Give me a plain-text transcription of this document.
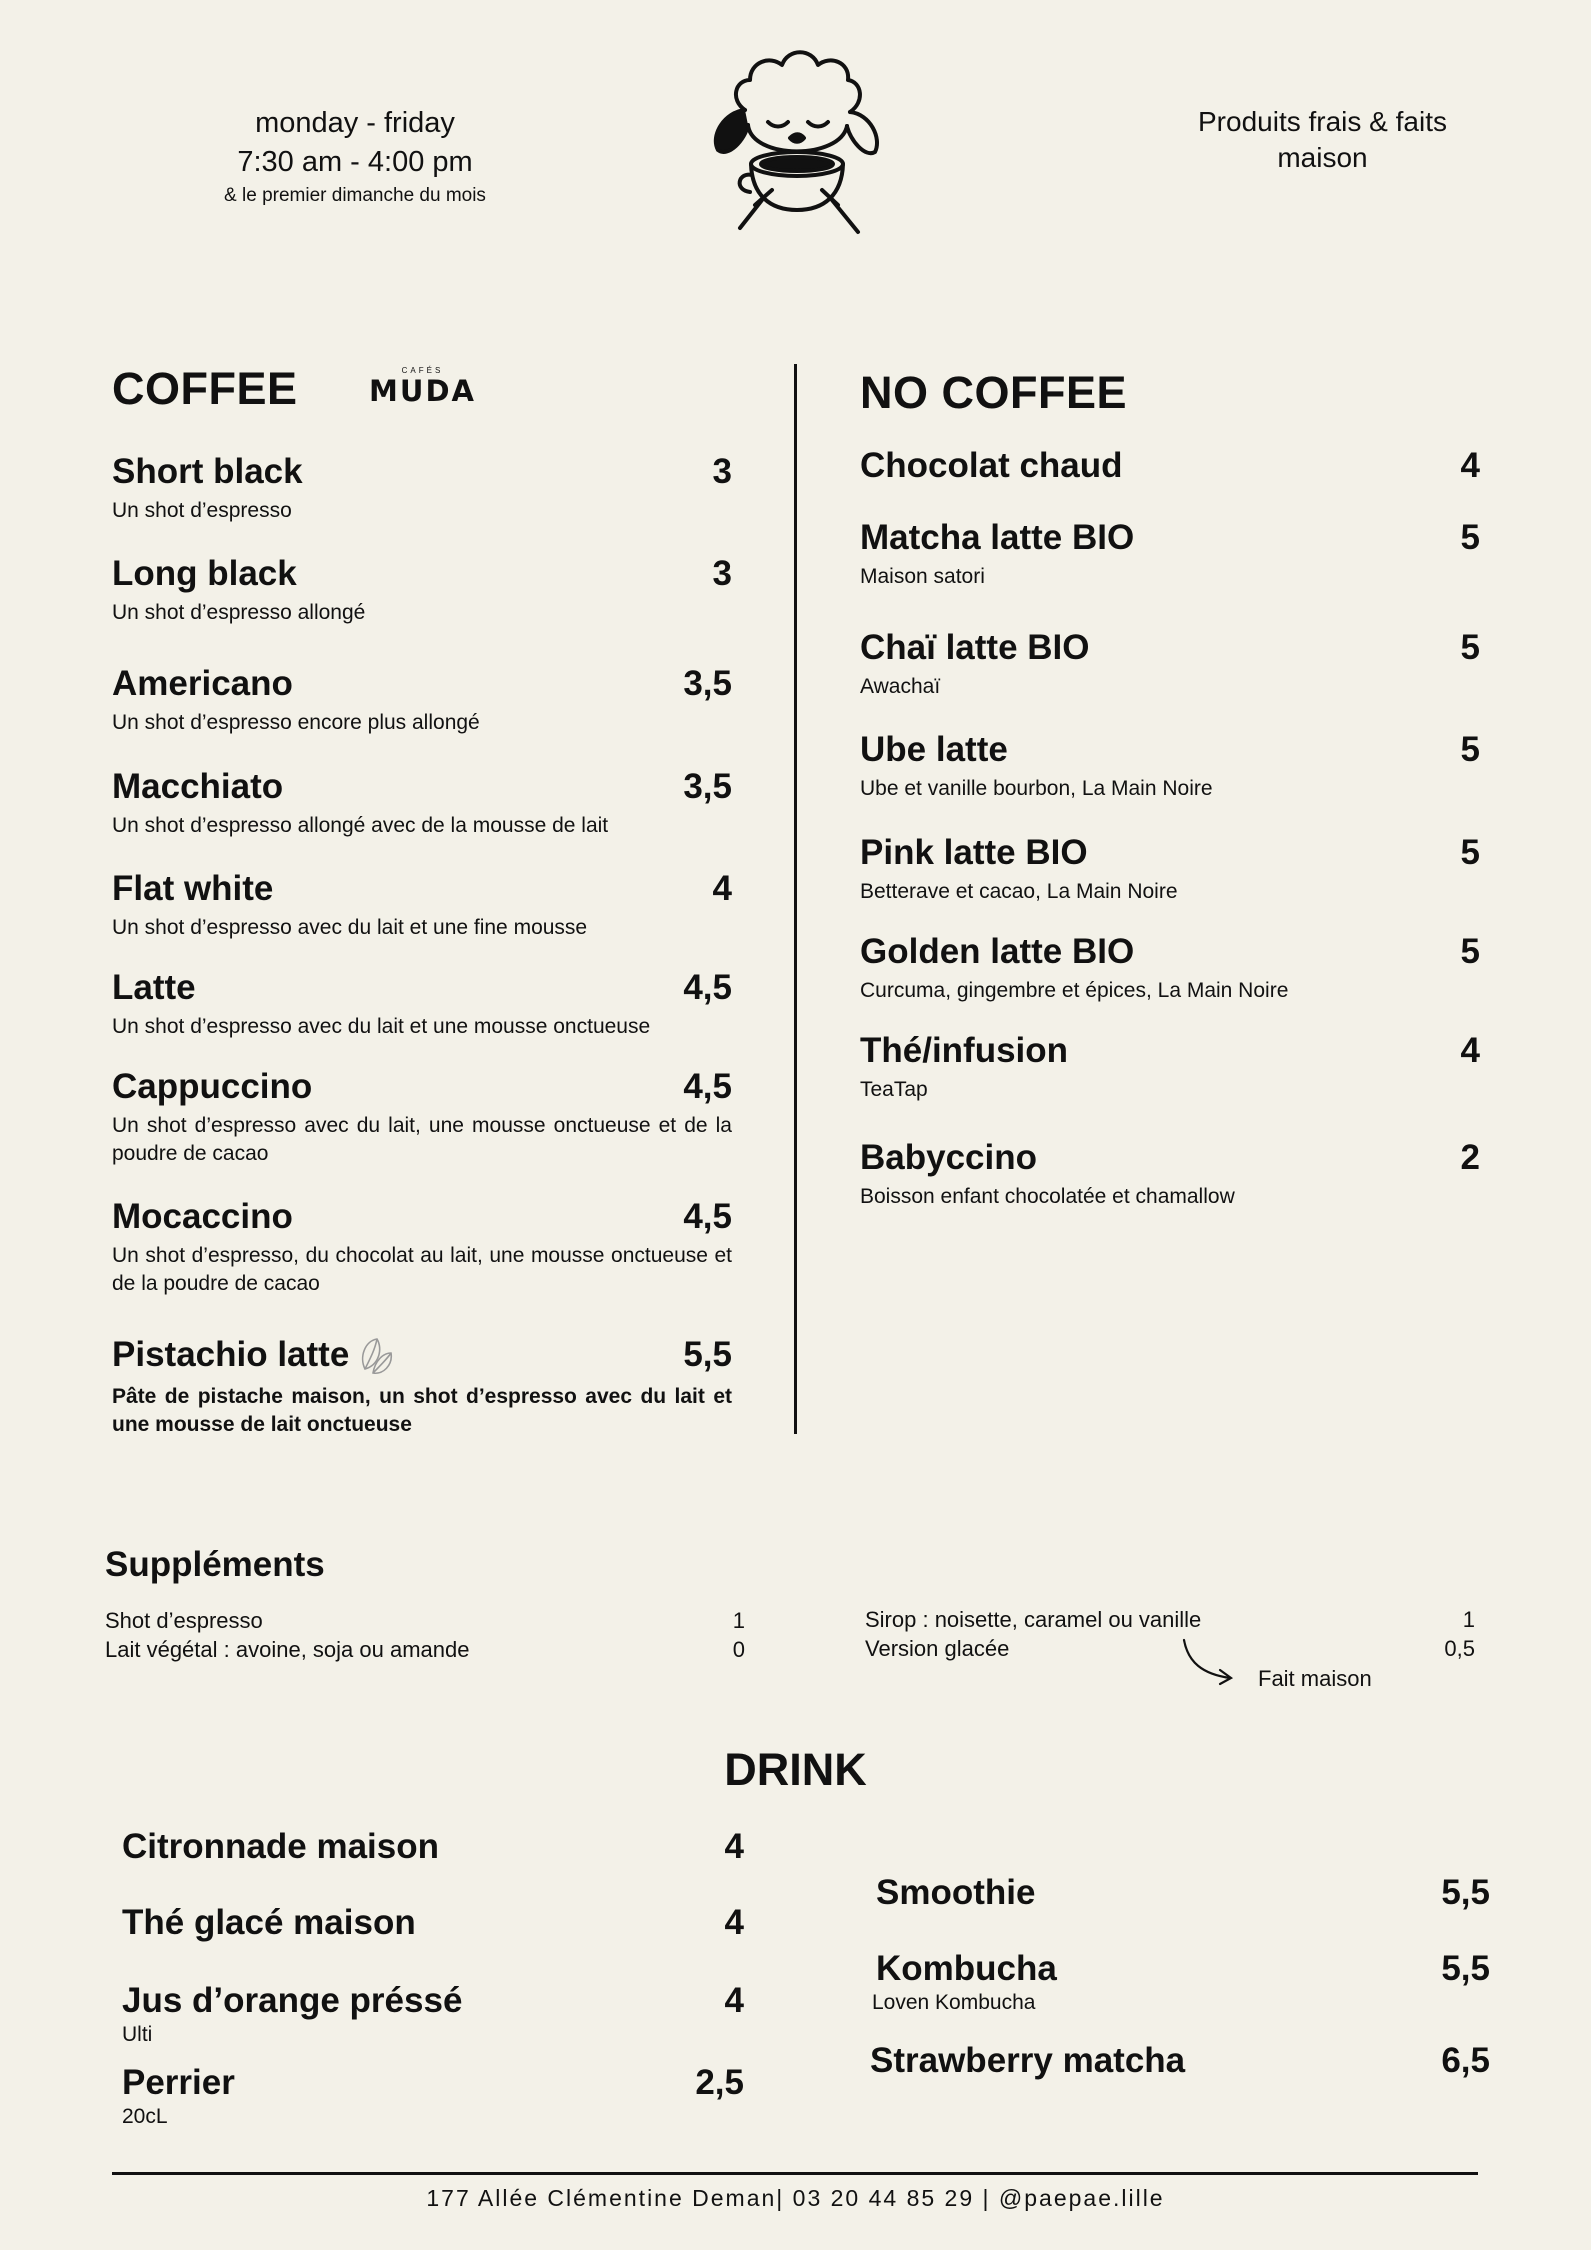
monday - friday
7:30 am - 4:00 pm
& le premier dimanche du mois
Produits frais & faits maison
COFFEE	CAFÉS
MUDA
Short black	3
Un shot d’espresso
Long black	3
Un shot d’espresso allongé
Americano	3,5
Un shot d’espresso encore plus allongé
Macchiato	3,5
Un shot d’espresso allongé avec de la mousse de lait
Flat white	4
Un shot d’espresso avec du lait et une fine mousse
Latte	4,5
Un shot d’espresso avec du lait et une mousse onctueuse
Cappuccino	4,5
Un shot d’espresso avec du lait, une mousse onctueuse et de la poudre de cacao
Mocaccino	4,5
Un shot d’espresso, du chocolat au lait, une mousse onctueuse et de la poudre de cacao
Pistachio latte	5,5
Pâte de pistache maison, un shot d’espresso avec du lait et une mousse de lait onctueuse
NO COFFEE
Chocolat chaud	4
Matcha latte BIO	5
Maison satori
Chaï latte BIO	5
Awachaï
Ube latte	5
Ube et vanille bourbon, La Main Noire
Pink latte BIO	5
Betterave et cacao, La Main Noire
Golden latte BIO	5
Curcuma, gingembre et épices, La Main Noire
Thé/infusion	4
TeaTap
Babyccino	2
Boisson enfant chocolatée et chamallow
Suppléments
Shot d’espresso	1
Lait végétal : avoine, soja ou amande	0
Sirop : noisette, caramel ou vanille	1
Version glacée	0,5
Fait maison
DRINK
Citronnade maison	4
Thé glacé maison	4
Jus d’orange préssé	4
Ulti
Perrier	2,5
20cL
Smoothie	5,5
Kombucha	5,5
Loven Kombucha
Strawberry matcha	6,5
177 Allée Clémentine Deman| 03 20 44 85 29 | @paepae.lille
